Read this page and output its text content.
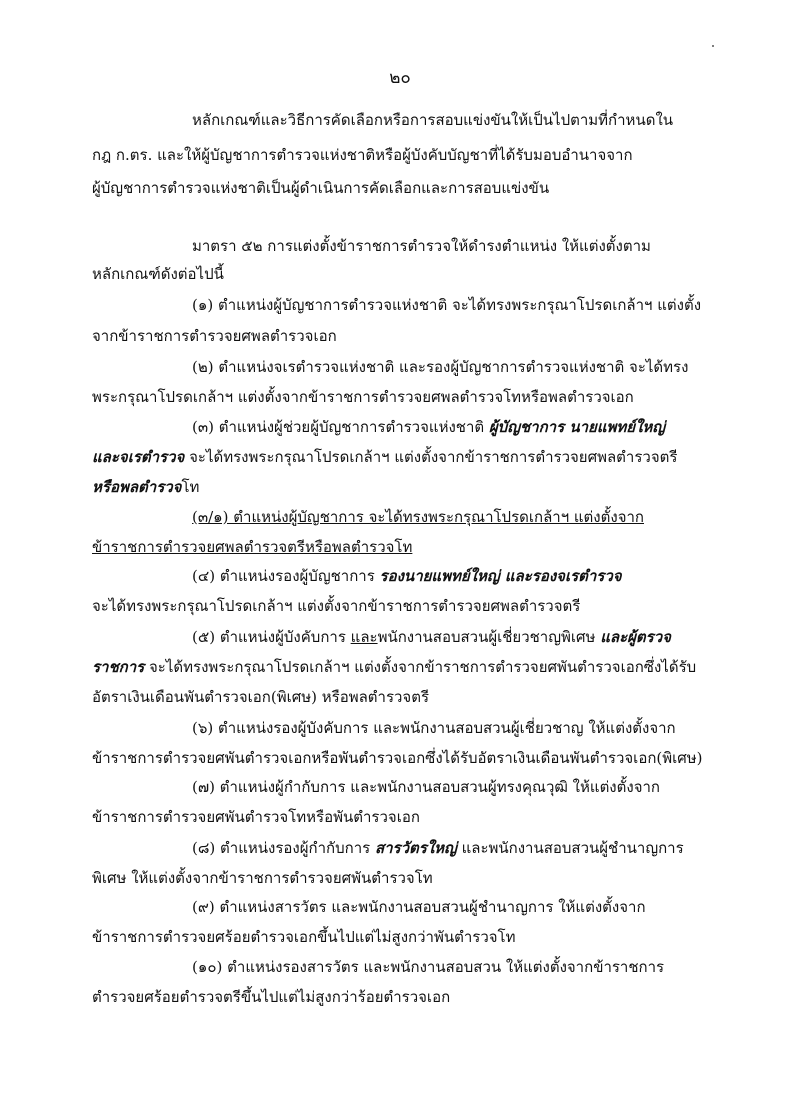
๒๐
หลักเกณฑ์และวิธีการคัดเลือกหรือการสอบแข่งขันให้เป็นไปตามที่กำหนดใน
กฎ ก.ตร. และให้ผู้บัญชาการตำรวจแห่งชาติหรือผู้บังคับบัญชาที่ได้รับมอบอำนาจจาก
ผู้บัญชาการตำรวจแห่งชาติเป็นผู้ดำเนินการคัดเลือกและการสอบแข่งขัน
มาตรา ๕๒ การแต่งตั้งข้าราชการตำรวจให้ดำรงตำแหน่ง ให้แต่งตั้งตาม
หลักเกณฑ์ดังต่อไปนี้
(๑) ตำแหน่งผู้บัญชาการตำรวจแห่งชาติ จะได้ทรงพระกรุณาโปรดเกล้าฯ แต่งตั้ง
จากข้าราชการตำรวจยศพลตำรวจเอก
(๒) ตำแหน่งจเรตำรวจแห่งชาติ และรองผู้บัญชาการตำรวจแห่งชาติ จะได้ทรง
พระกรุณาโปรดเกล้าฯ แต่งตั้งจากข้าราชการตำรวจยศพลตำรวจโทหรือพลตำรวจเอก
(๓) ตำแหน่งผู้ช่วยผู้บัญชาการตำรวจแห่งชาติ ผู้บัญชาการ นายแพทย์ใหญ่
และจเรตำรวจ จะได้ทรงพระกรุณาโปรดเกล้าฯ แต่งตั้งจากข้าราชการตำรวจยศพลตำรวจตรี
หรือพลตำรวจโท
(๓/๑) ตำแหน่งผู้บัญชาการ จะได้ทรงพระกรุณาโปรดเกล้าฯ แต่งตั้งจาก
ข้าราชการตำรวจยศพลตำรวจตรีหรือพลตำรวจโท
(๔) ตำแหน่งรองผู้บัญชาการ รองนายแพทย์ใหญ่ และรองจเรตำรวจ
จะได้ทรงพระกรุณาโปรดเกล้าฯ แต่งตั้งจากข้าราชการตำรวจยศพลตำรวจตรี
(๕) ตำแหน่งผู้บังคับการ และพนักงานสอบสวนผู้เชี่ยวชาญพิเศษ และผู้ตรวจ
ราชการ จะได้ทรงพระกรุณาโปรดเกล้าฯ แต่งตั้งจากข้าราชการตำรวจยศพันตำรวจเอกซึ่งได้รับ
อัตราเงินเดือนพันตำรวจเอก(พิเศษ) หรือพลตำรวจตรี
(๖) ตำแหน่งรองผู้บังคับการ และพนักงานสอบสวนผู้เชี่ยวชาญ ให้แต่งตั้งจาก
ข้าราชการตำรวจยศพันตำรวจเอกหรือพันตำรวจเอกซึ่งได้รับอัตราเงินเดือนพันตำรวจเอก(พิเศษ)
(๗) ตำแหน่งผู้กำกับการ และพนักงานสอบสวนผู้ทรงคุณวุฒิ ให้แต่งตั้งจาก
ข้าราชการตำรวจยศพันตำรวจโทหรือพันตำรวจเอก
(๘) ตำแหน่งรองผู้กำกับการ สารวัตรใหญ่ และพนักงานสอบสวนผู้ชำนาญการ
พิเศษ ให้แต่งตั้งจากข้าราชการตำรวจยศพันตำรวจโท
(๙) ตำแหน่งสารวัตร และพนักงานสอบสวนผู้ชำนาญการ ให้แต่งตั้งจาก
ข้าราชการตำรวจยศร้อยตำรวจเอกขึ้นไปแต่ไม่สูงกว่าพันตำรวจโท
(๑๐) ตำแหน่งรองสารวัตร และพนักงานสอบสวน ให้แต่งตั้งจากข้าราชการ
ตำรวจยศร้อยตำรวจตรีขึ้นไปแต่ไม่สูงกว่าร้อยตำรวจเอก
